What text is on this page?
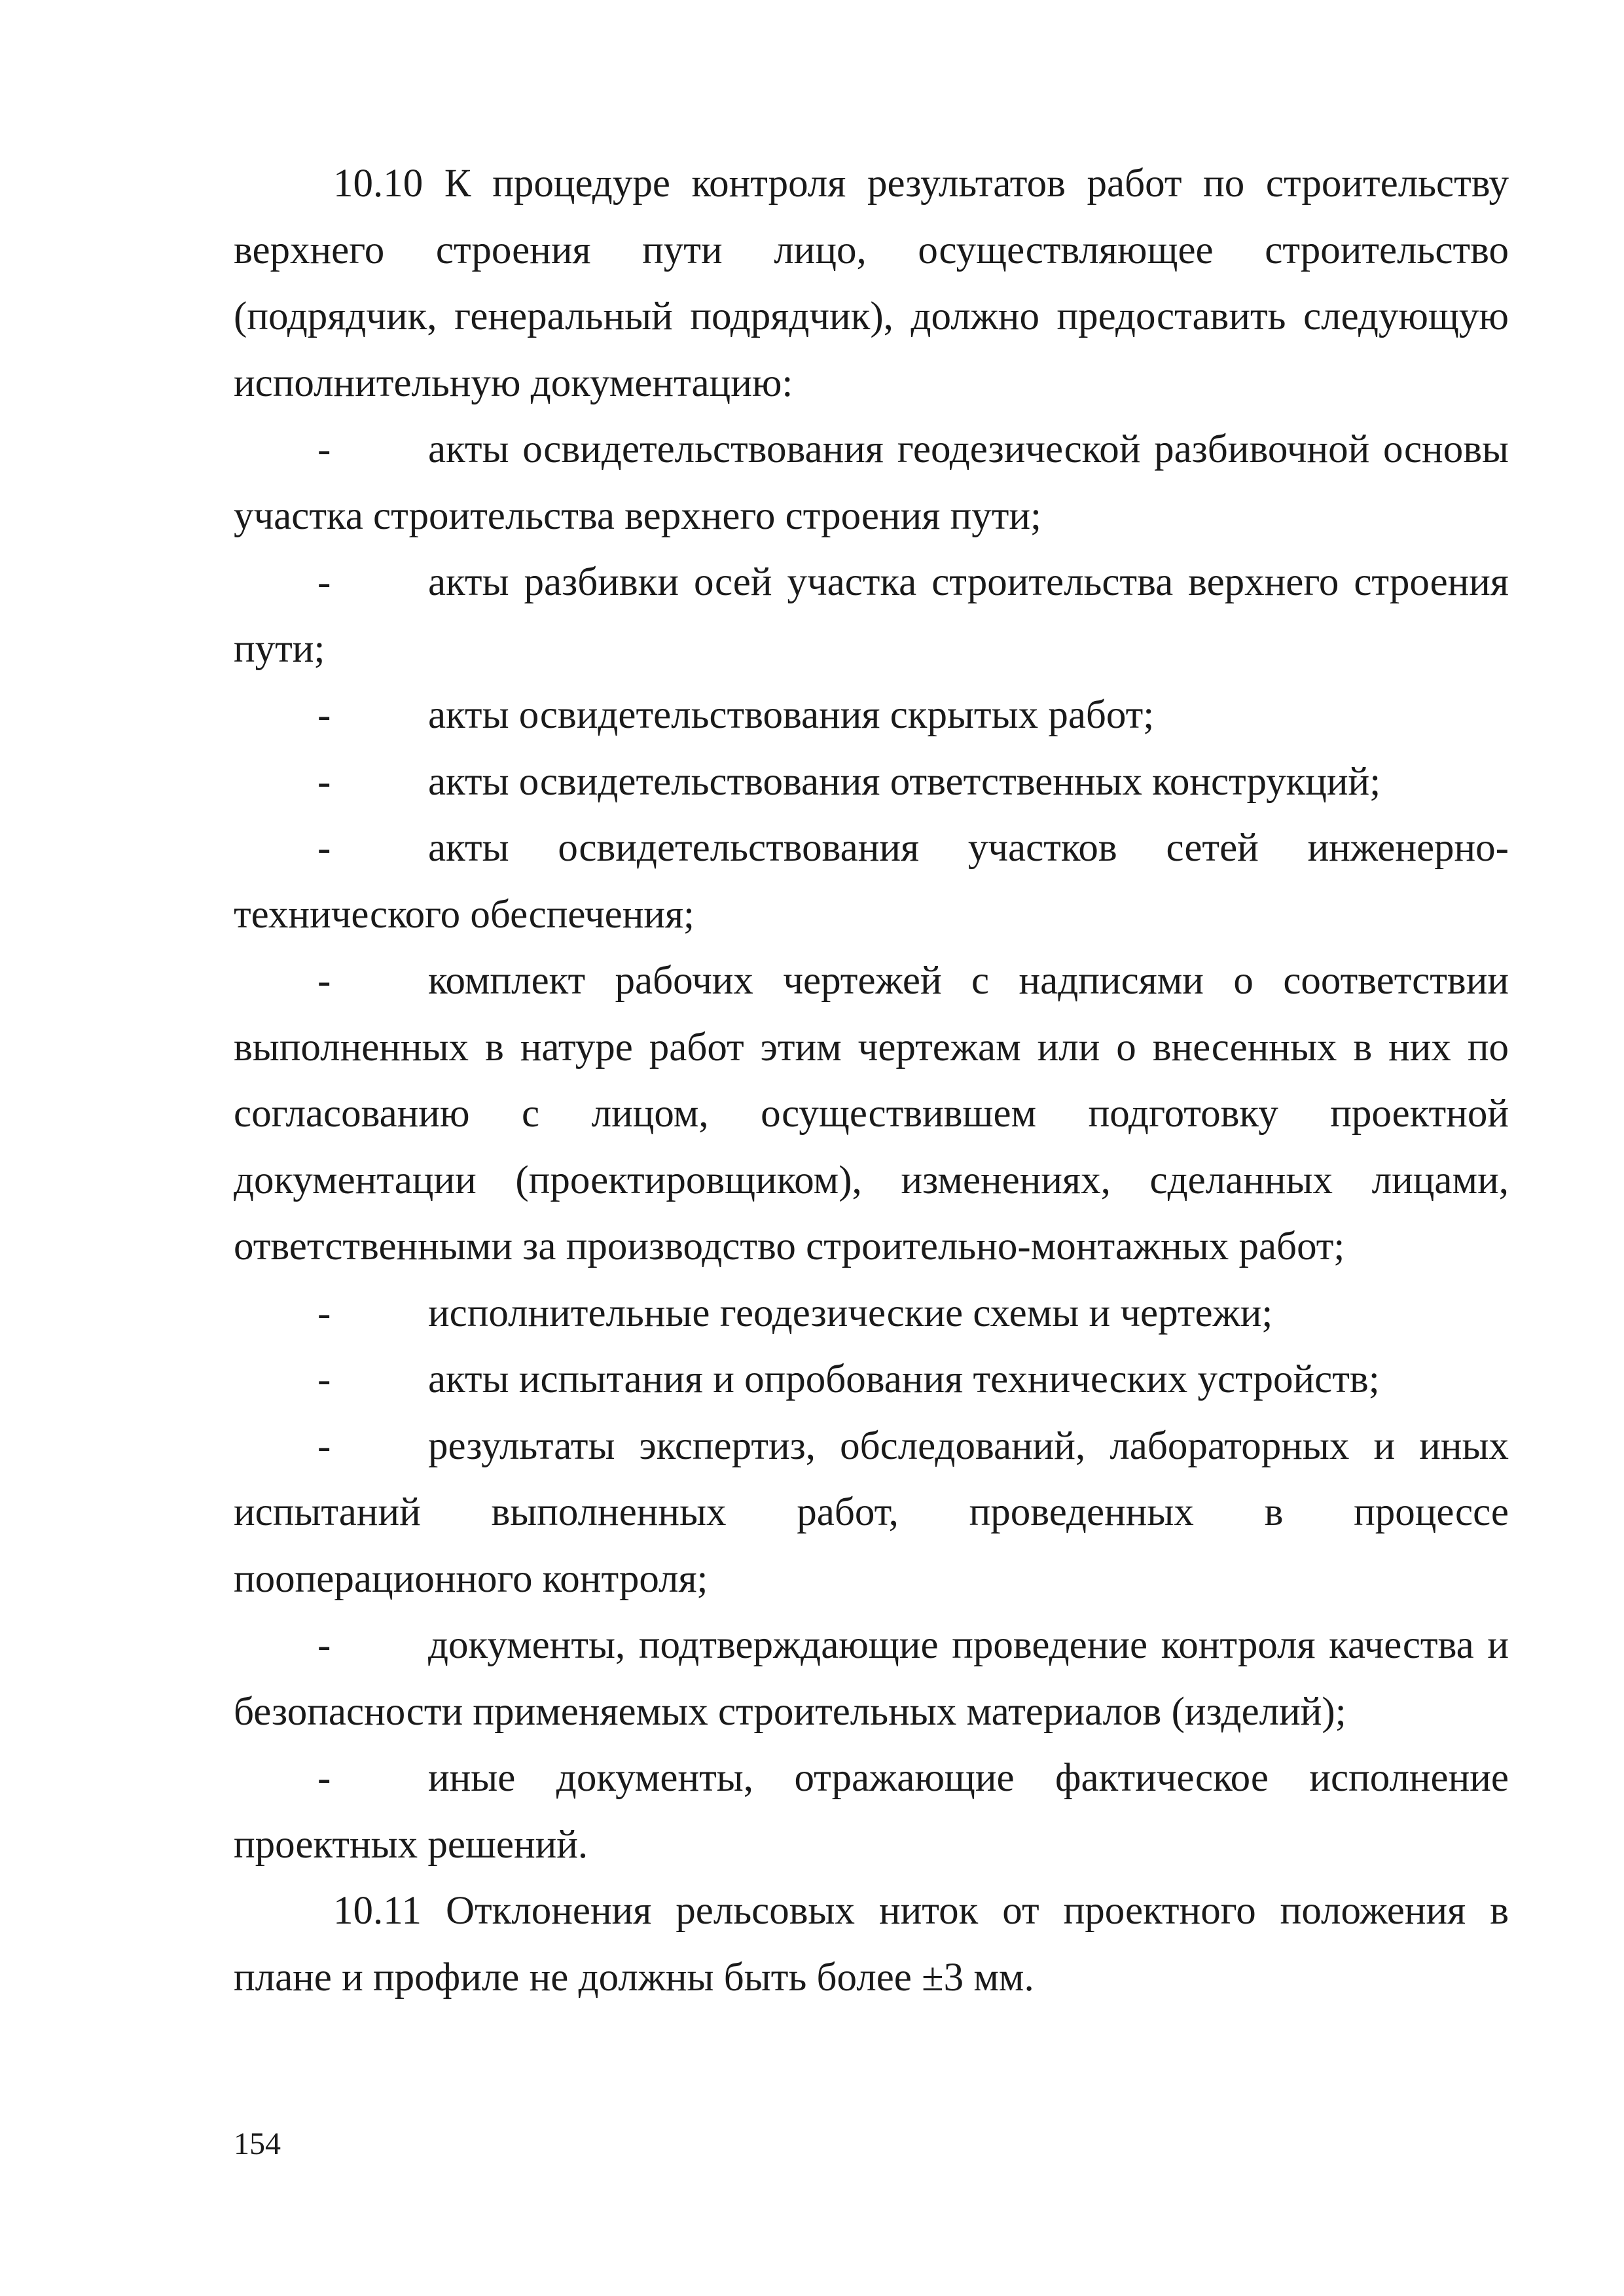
10.10 К процедуре контроля результатов работ по строительству верхнего строения пути лицо, осуществляющее строительство (подрядчик, генеральный подрядчик), должно предоставить следующую исполнительную документацию:

- акты освидетельствования геодезической разбивочной основы участка строительства верхнего строения пути;

- акты разбивки осей участка строительства верхнего строения пути;

- акты освидетельствования скрытых работ;

- акты освидетельствования ответственных конструкций;

- акты освидетельствования участков сетей инженерно-технического обеспечения;

- комплект рабочих чертежей с надписями о соответствии выполненных в натуре работ этим чертежам или о внесенных в них по согласованию с лицом, осуществившем подготовку проектной документации (проектировщиком), изменениях, сделанных лицами, ответственными за производство строительно-монтажных работ;

- исполнительные геодезические схемы и чертежи;

- акты испытания и опробования технических устройств;

- результаты экспертиз, обследований, лабораторных и иных испытаний выполненных работ, проведенных в процессе пооперационного контроля;

- документы, подтверждающие проведение контроля качества и безопасности применяемых строительных материалов (изделий);

- иные документы, отражающие фактическое исполнение проектных решений.

10.11 Отклонения рельсовых ниток от проектного положения в плане и профиле не должны быть более ±3 мм.

154
